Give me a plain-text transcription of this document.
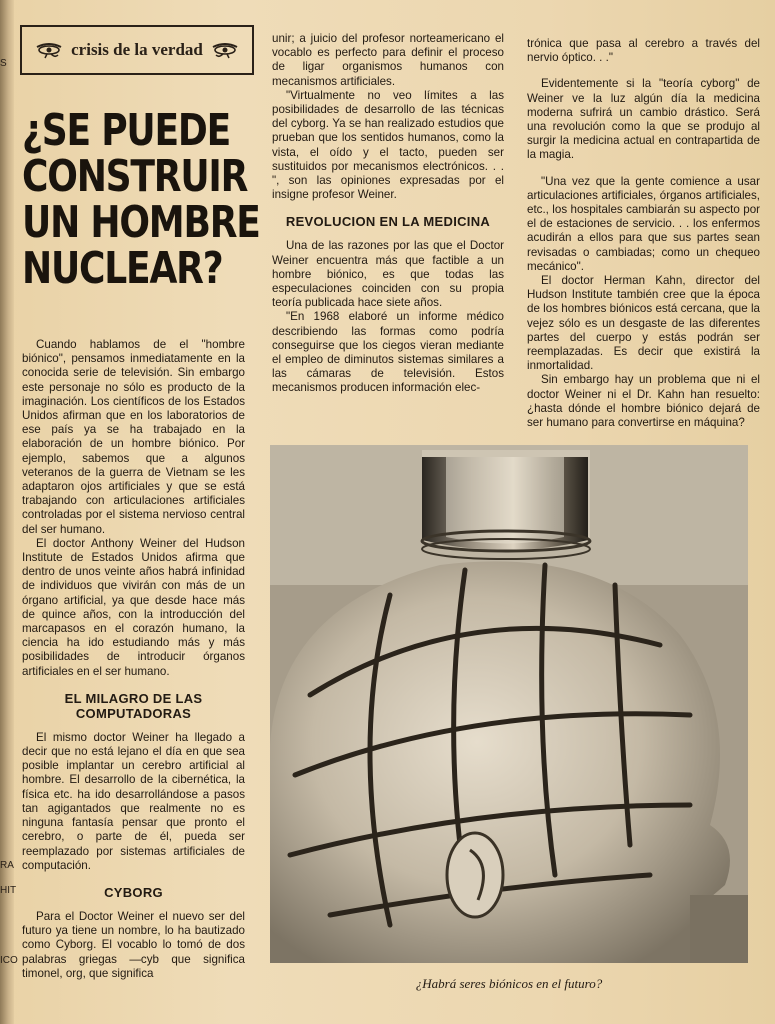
S
RA
HIT
ICO
crisis de la verdad
¿SE PUEDE
CONSTRUIR
UN HOMBRE
NUCLEAR?

Cuando hablamos de el "hombre biónico", pensamos inmediatamente en la conocida serie de televisión. Sin embargo este personaje no sólo es producto de la imaginación. Los científicos de los Estados Unidos afirman que en los laboratorios de ese país ya se ha trabajado en la elaboración de un hombre biónico. Por ejemplo, sabemos que a algunos veteranos de la guerra de Vietnam se les adaptaron ojos artificiales y que se está trabajando con articulaciones artificiales controladas por el sistema nervioso central del ser humano.

El doctor Anthony Weiner del Hudson Institute de Estados Unidos afirma que dentro de unos veinte años habrá infinidad de individuos que vivirán con más de un órgano artificial, ya que desde hace más de quince años, con la introducción del marcapasos en el corazón humano, la ciencia ha ido estudiando más y más posibilidades de introducir órganos artificiales en el ser humano.

EL MILAGRO DE LAS COMPUTADORAS

El mismo doctor Weiner ha llegado a decir que no está lejano el día en que sea posible implantar un cerebro artificial al hombre. El desarrollo de la cibernética, la física etc. ha ido desarrollándose a pasos tan agigantados que realmente no es ninguna fantasía pensar que pronto el cerebro, o parte de él, pueda ser reemplazado por sistemas artificiales de computación.

CYBORG

Para el Doctor Weiner el nuevo ser del futuro ya tiene un nombre, lo ha bautizado como Cyborg. El vocablo lo tomó de dos palabras griegas —cyb que significa timonel, org, que significa

unir; a juicio del profesor norteamericano el vocablo es perfecto para definir el proceso de ligar organismos humanos con mecanismos artificiales.

"Virtualmente no veo límites a las posibilidades de desarrollo de las técnicas del cyborg. Ya se han realizado estudios que prueban que los sentidos humanos, como la vista, el oído y el tacto, pueden ser sustituidos por mecanismos electrónicos. . . ", son las opiniones expresadas por el insigne profesor Weiner.

REVOLUCION EN LA MEDICINA

Una de las razones por las que el Doctor Weiner encuentra más que factible a un hombre biónico, es que todas las especulaciones coinciden con su propia teoría publicada hace siete años.

"En 1968 elaboré un informe médico describiendo las formas como podría conseguirse que los ciegos vieran mediante el empleo de diminutos sistemas similares a las cámaras de televisión. Estos mecanismos producen información elec-

trónica que pasa al cerebro a través del nervio óptico. . ."

Evidentemente si la "teoría cyborg" de Weiner ve la luz algún día la medicina moderna sufrirá un cambio drástico. Será una revolución como la que se produjo al surgir la medicina actual en contrapartida de la magia.

"Una vez que la gente comience a usar articulaciones artificiales, órganos artificiales, etc., los hospitales cambiarán su aspecto por el de estaciones de servicio. . . los enfermos acudirán a ellos para que sus partes sean revisadas o cambiadas; como un chequeo mecánico".

El doctor Herman Kahn, director del Hudson Institute también cree que la época de los hombres biónicos está cercana, que la vejez sólo es un desgaste de las diferentes partes del cuerpo y estás podrán ser reemplazadas. Es decir que existirá la inmortalidad.

Sin embargo hay un problema que ni el doctor Weiner ni el Dr. Kahn han resuelto: ¿hasta dónde el hombre biónico dejará de ser humano para convertirse en máquina?

¿Habrá seres biónicos en el futuro?
